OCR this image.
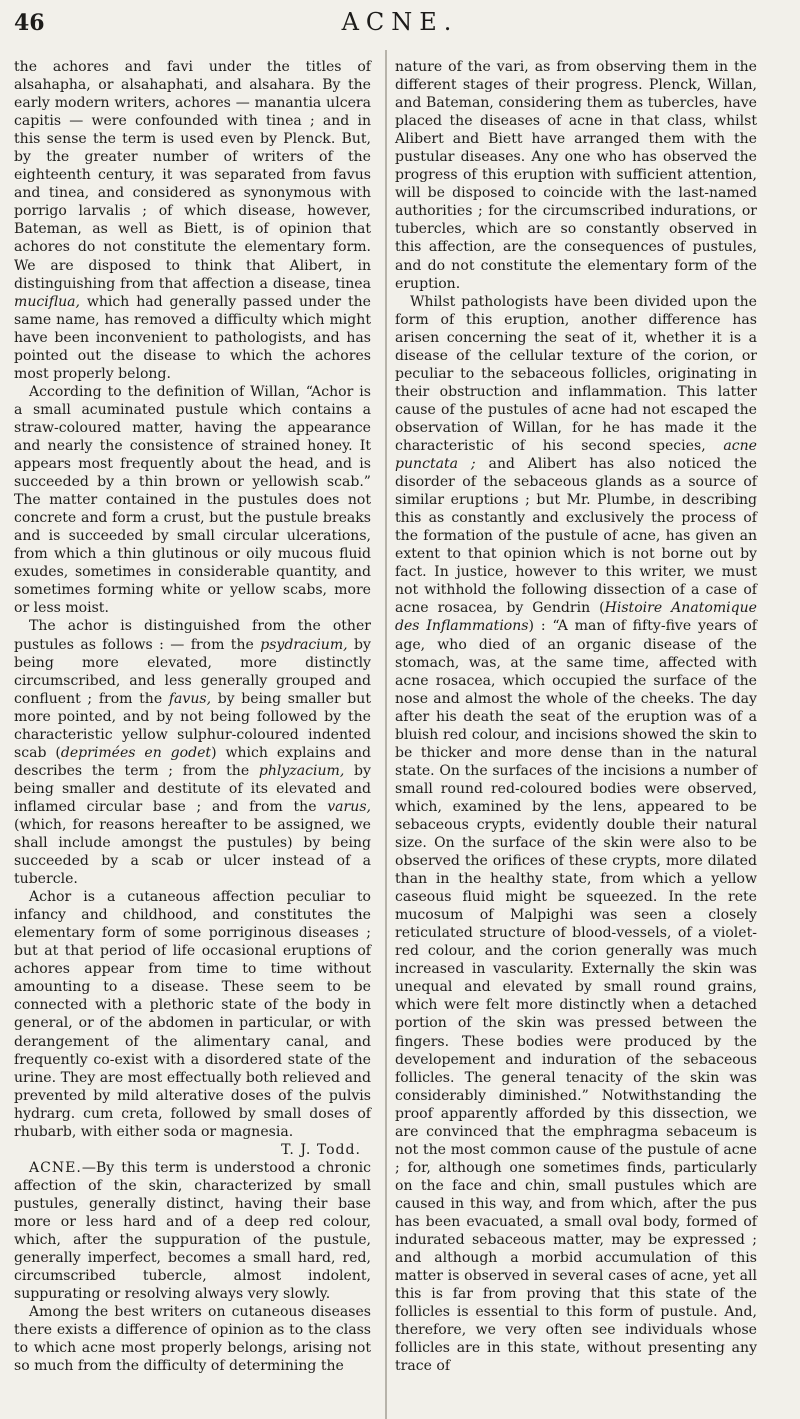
46	ACNE.

the achores and favi under the titles of alsahapha, or alsahaphati, and alsahara. By the early modern writers, achores — manantia ulcera capitis — were confounded with tinea ; and in this sense the term is used even by Plenck. But, by the greater number of writers of the eighteenth century, it was separated from favus and tinea, and considered as synonymous with porrigo larvalis ; of which disease, however, Bateman, as well as Biett, is of opinion that achores do not constitute the elementary form. We are disposed to think that Alibert, in distinguishing from that affection a disease, tinea muciflua, which had generally passed under the same name, has removed a difficulty which might have been inconvenient to pathologists, and has pointed out the disease to which the achores most properly belong.

According to the definition of Willan, “Achor is a small acuminated pustule which contains a straw-coloured matter, having the appearance and nearly the consistence of strained honey. It appears most frequently about the head, and is succeeded by a thin brown or yellowish scab.” The matter contained in the pustules does not concrete and form a crust, but the pustule breaks and is succeeded by small circular ulcerations, from which a thin glutinous or oily mucous fluid exudes, sometimes in considerable quantity, and sometimes forming white or yellow scabs, more or less moist.

The achor is distinguished from the other pustules as follows : — from the psydracium, by being more elevated, more distinctly circumscribed, and less generally grouped and confluent ; from the favus, by being smaller but more pointed, and by not being followed by the characteristic yellow sulphur-coloured indented scab (deprimées en godet) which explains and describes the term ; from the phlyzacium, by being smaller and destitute of its elevated and inflamed circular base ; and from the varus, (which, for reasons hereafter to be assigned, we shall include amongst the pustules) by being succeeded by a scab or ulcer instead of a tubercle.

Achor is a cutaneous affection peculiar to infancy and childhood, and constitutes the elementary form of some porriginous diseases ; but at that period of life occasional eruptions of achores appear from time to time without amounting to a disease. These seem to be connected with a plethoric state of the body in general, or of the abdomen in particular, or with derangement of the alimentary canal, and frequently co-exist with a disordered state of the urine. They are most effectually both relieved and prevented by mild alterative doses of the pulvis hydrarg. cum creta, followed by small doses of rhubarb, with either soda or magnesia.

T. J. Todd.

ACNE.—By this term is understood a chronic affection of the skin, characterized by small pustules, generally distinct, having their base more or less hard and of a deep red colour, which, after the suppuration of the pustule, generally imperfect, becomes a small hard, red, circumscribed tubercle, almost indolent, suppurating or resolving always very slowly.

Among the best writers on cutaneous diseases there exists a difference of opinion as to the class to which acne most properly belongs, arising not so much from the difficulty of determining the

nature of the vari, as from observing them in the different stages of their progress. Plenck, Willan, and Bateman, considering them as tubercles, have placed the diseases of acne in that class, whilst Alibert and Biett have arranged them with the pustular diseases. Any one who has observed the progress of this eruption with sufficient attention, will be disposed to coincide with the last-named authorities ; for the circumscribed indurations, or tubercles, which are so constantly observed in this affection, are the consequences of pustules, and do not constitute the elementary form of the eruption.

Whilst pathologists have been divided upon the form of this eruption, another difference has arisen concerning the seat of it, whether it is a disease of the cellular texture of the corion, or peculiar to the sebaceous follicles, originating in their obstruction and inflammation. This latter cause of the pustules of acne had not escaped the observation of Willan, for he has made it the characteristic of his second species, acne punctata ; and Alibert has also noticed the disorder of the sebaceous glands as a source of similar eruptions ; but Mr. Plumbe, in describing this as constantly and exclusively the process of the formation of the pustule of acne, has given an extent to that opinion which is not borne out by fact. In justice, however to this writer, we must not withhold the following dissection of a case of acne rosacea, by Gendrin (Histoire Anatomique des Inflammations) : “A man of fifty-five years of age, who died of an organic disease of the stomach, was, at the same time, affected with acne rosacea, which occupied the surface of the nose and almost the whole of the cheeks. The day after his death the seat of the eruption was of a bluish red colour, and incisions showed the skin to be thicker and more dense than in the natural state. On the surfaces of the incisions a number of small round red-coloured bodies were observed, which, examined by the lens, appeared to be sebaceous crypts, evidently double their natural size. On the surface of the skin were also to be observed the orifices of these crypts, more dilated than in the healthy state, from which a yellow caseous fluid might be squeezed. In the rete mucosum of Malpighi was seen a closely reticulated structure of blood-vessels, of a violet-red colour, and the corion generally was much increased in vascularity. Externally the skin was unequal and elevated by small round grains, which were felt more distinctly when a detached portion of the skin was pressed between the fingers. These bodies were produced by the developement and induration of the sebaceous follicles. The general tenacity of the skin was considerably diminished.” Notwithstanding the proof apparently afforded by this dissection, we are convinced that the emphragma sebaceum is not the most common cause of the pustule of acne ; for, although one sometimes finds, particularly on the face and chin, small pustules which are caused in this way, and from which, after the pus has been evacuated, a small oval body, formed of indurated sebaceous matter, may be expressed ; and although a morbid accumulation of this matter is observed in several cases of acne, yet all this is far from proving that this state of the follicles is essential to this form of pustule. And, therefore, we very often see individuals whose follicles are in this state, without presenting any trace of
